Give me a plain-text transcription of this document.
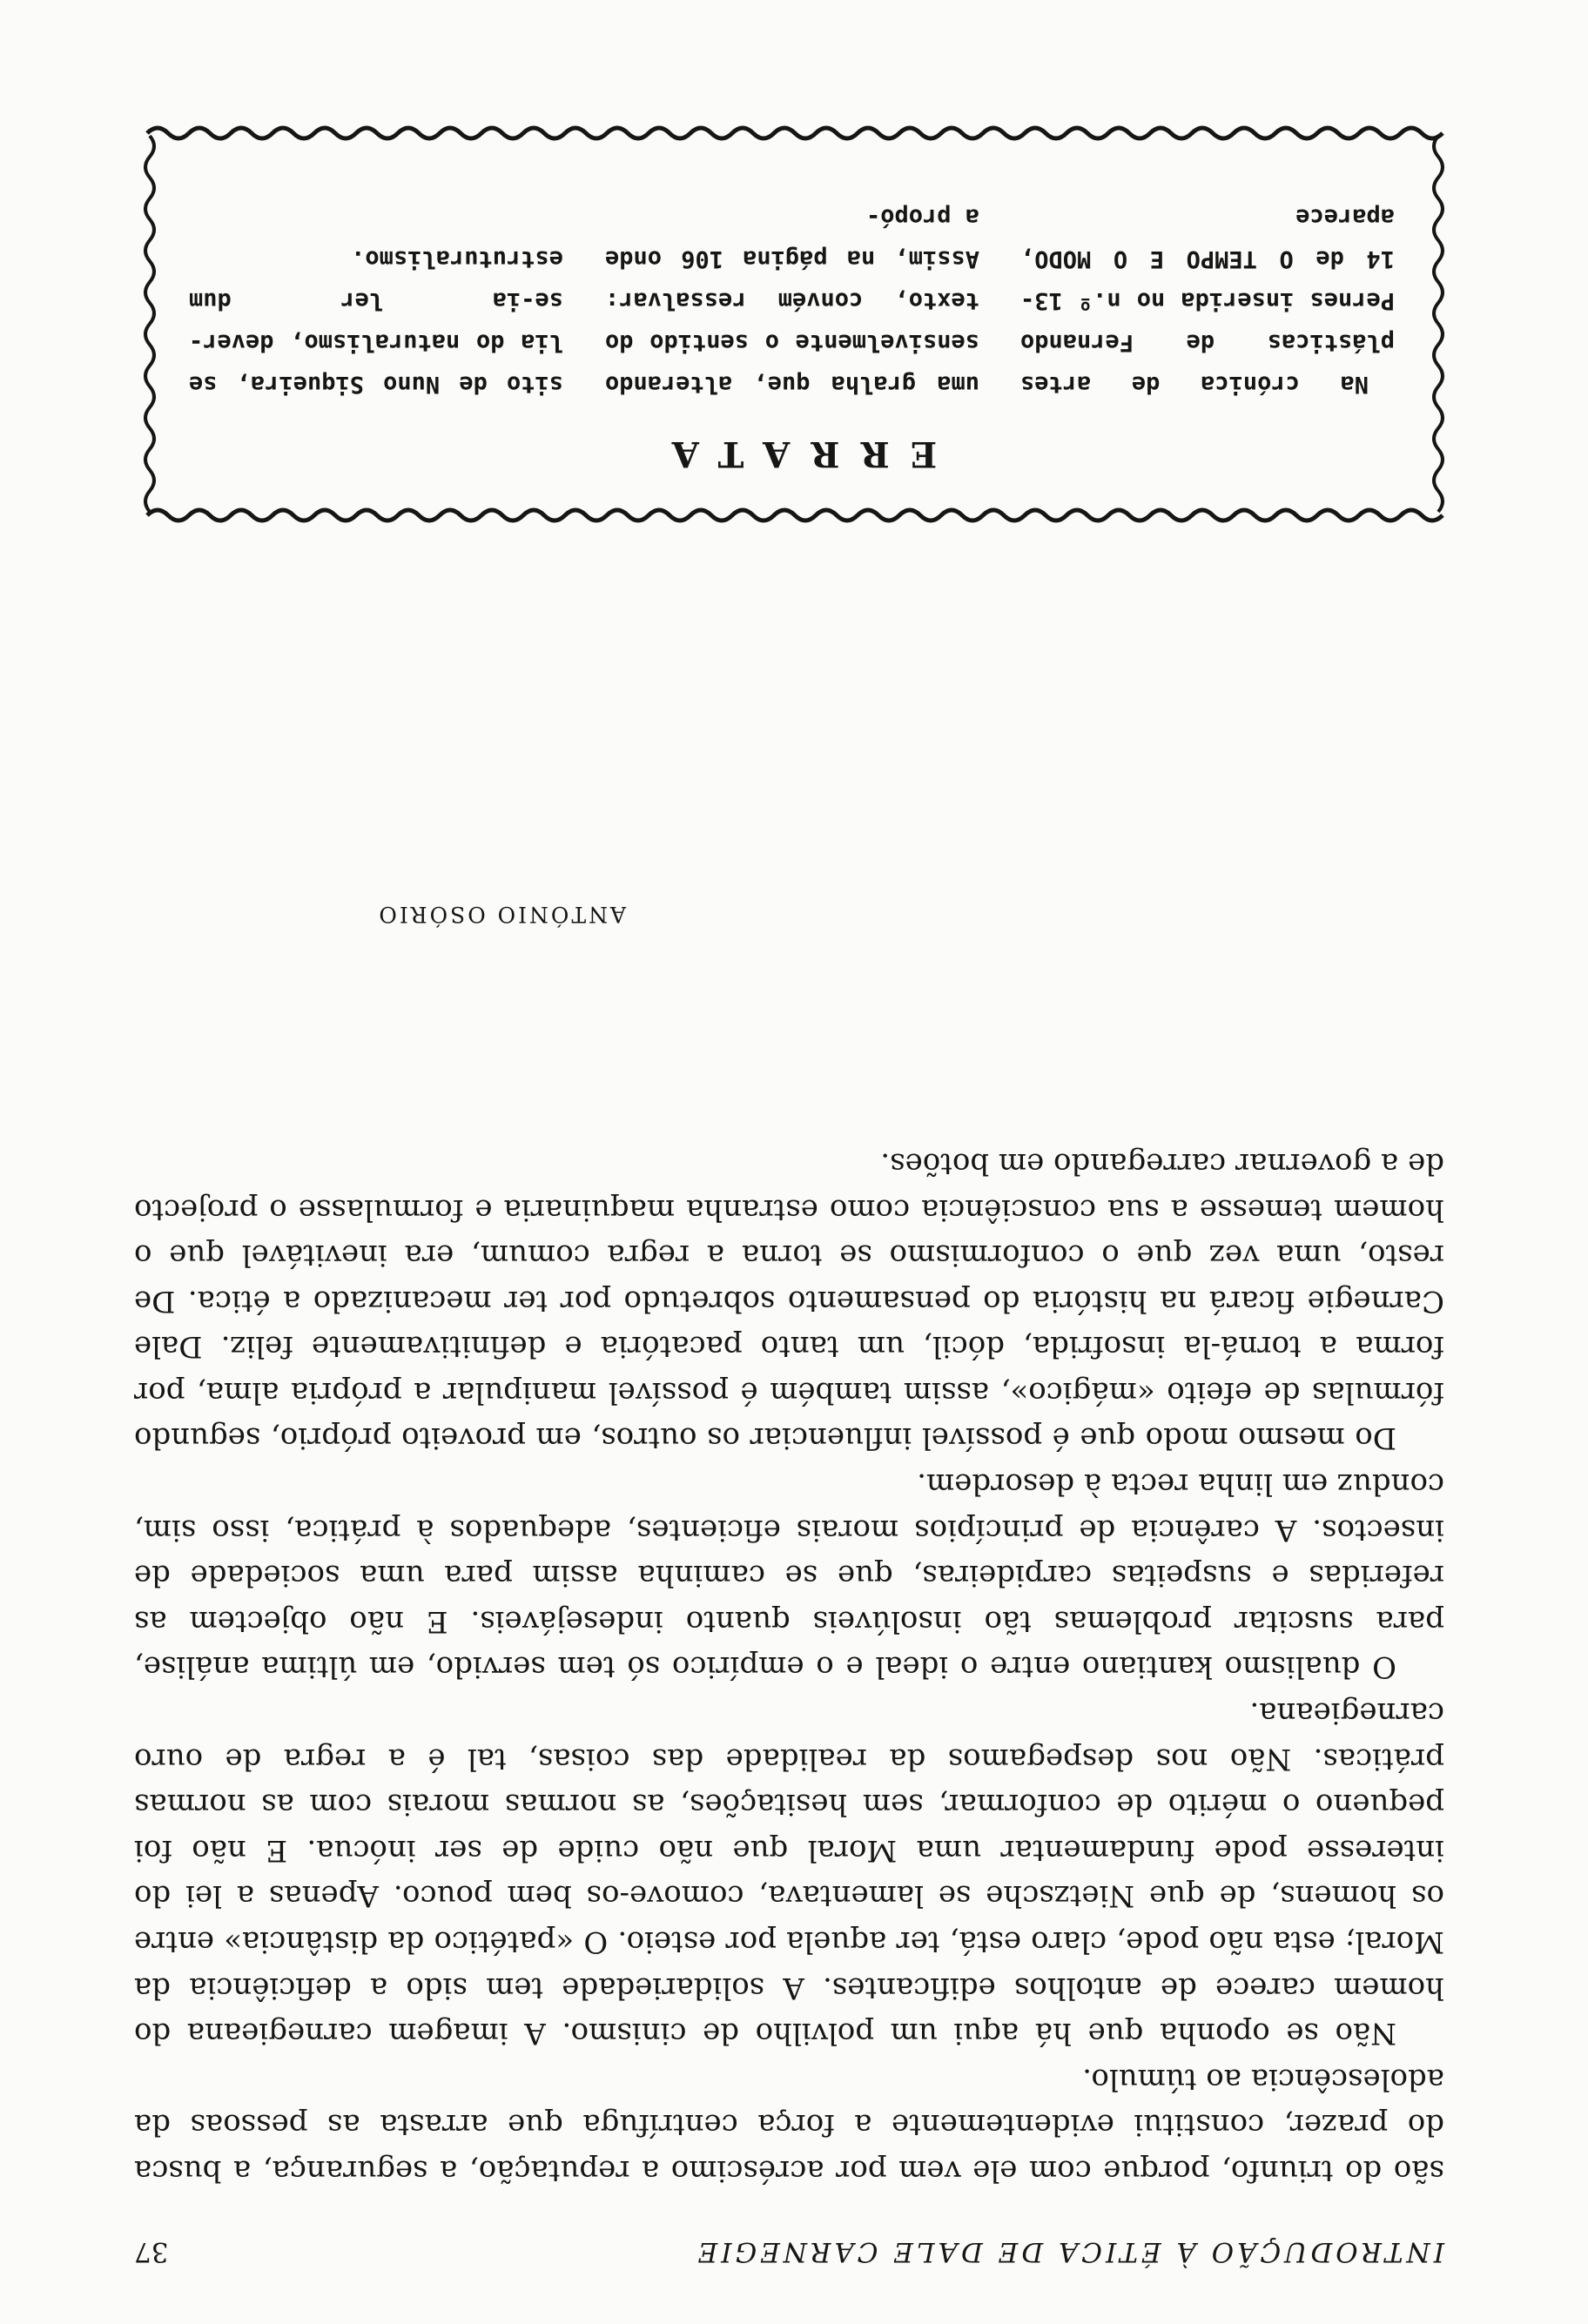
INTRODUÇÃO À ÉTICA DE DALE CARNEGIE
37

são do triunfo, porque com ele vem por acréscimo a reputação, a segurança, a busca do prazer, constitui evidentemente a força centrífuga que arrasta as pessoas da adolescência ao túmulo.

Não se oponha que há aqui um polvilho de cinismo. A imagem carnegieana do homem carece de antolhos edificantes. A solidariedade tem sido a deficiência da Moral; esta não pode, claro está, ter aquela por esteio. O «patético da distância» entre os homens, de que Nietzsche se lamentava, comove-os bem pouco. Apenas a lei do interesse pode fundamentar uma Moral que não cuide de ser inócua. E não foi pequeno o mérito de conformar, sem hesitações, as normas morais com as normas práticas. Não nos despegamos da realidade das coisas, tal é a regra de ouro carnegieana.

O dualismo kantiano entre o ideal e o empírico só tem servido, em última análise, para suscitar problemas tão insolúveis quanto indesejáveis. E não objectem as referidas e suspeitas carpideiras, que se caminha assim para uma sociedade de insectos. A carência de princípios morais eficientes, adequados à prática, isso sim, conduz em linha recta à desordem.

Do mesmo modo que é possível influenciar os outros, em proveito próprio, segundo fórmulas de efeito «mágico», assim também é possível manipular a própria alma, por forma a torná-la insofrida, dócil, um tanto pacatória e definitivamente feliz. Dale Carnegie ficará na história do pensamento sobretudo por ter mecanizado a ética. De resto, uma vez que o conformismo se torna a regra comum, era inevitável que o homem temesse a sua consciência como estranha maquinaria e formulasse o projecto de a governar carregando em botões.

ANTÓNIO OSÓRIO
ERRATA

Na crónica de artes plásticas de Fernando Pernes inserida no n.º 13-14 de O TEMPO E O MODO, aparece

uma gralha que, alterando sensivelmente o sentido do texto, convém ressalvar: Assim, na página 106 onde a propó-

sito de Nuno Siqueira, se lia do naturalismo, dever-se-ia ler dum estruturalismo.
